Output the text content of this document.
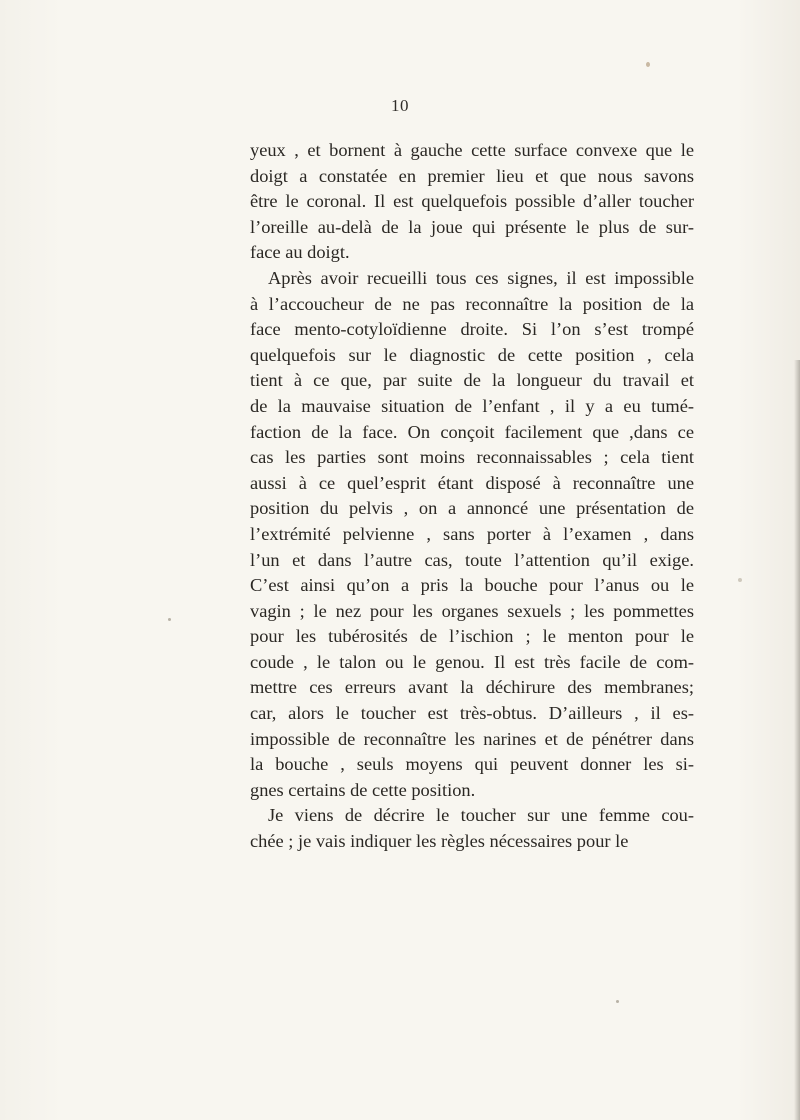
10
yeux , et bornent à gauche cette surface convexe que le
doigt a constatée en premier lieu et que nous savons
être le coronal. Il est quelquefois possible d’aller toucher
l’oreille au-delà de la joue qui présente le plus de sur-
face au doigt.
Après avoir recueilli tous ces signes, il est impossible
à l’accoucheur de ne pas reconnaître la position de la
face mento-cotyloïdienne droite. Si l’on s’est trompé
quelquefois sur le diagnostic de cette position , cela
tient à ce que, par suite de la longueur du travail et
de la mauvaise situation de l’enfant , il y a eu tumé-
faction de la face. On conçoit facilement que ,dans ce
cas les parties sont moins reconnaissables ; cela tient
aussi à ce quel’esprit étant disposé à reconnaître une
position du pelvis , on a annoncé une présentation de
l’extrémité pelvienne , sans porter à l’examen , dans
l’un et dans l’autre cas, toute l’attention qu’il exige.
C’est ainsi qu’on a pris la bouche pour l’anus ou le
vagin ; le nez pour les organes sexuels ; les pommettes
pour les tubérosités de l’ischion ; le menton pour le
coude , le talon ou le genou. Il est très facile de com-
mettre ces erreurs avant la déchirure des membranes;
car, alors le toucher est très-obtus. D’ailleurs , il es-
impossible de reconnaître les narines et de pénétrer dans
la bouche , seuls moyens qui peuvent donner les si-
gnes certains de cette position.
Je viens de décrire le toucher sur une femme cou-
chée ; je vais indiquer les règles nécessaires pour le
